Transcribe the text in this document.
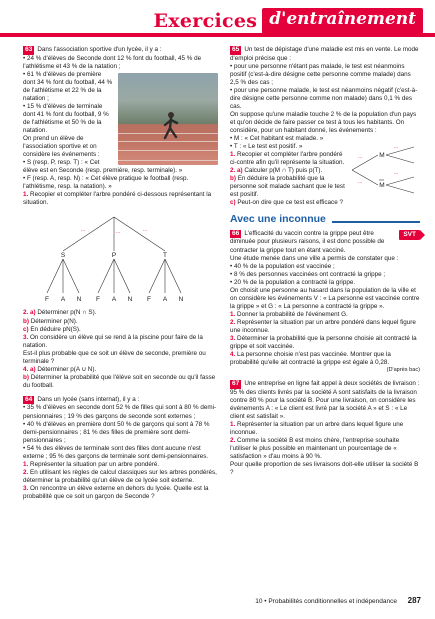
Exercices d'entraînement

63 Dans l'association sportive d'un lycée, il y a :

• 24 % d'élèves de Seconde dont 12 % font du football, 45 % de l'athlétisme et 43 % de la natation ;

• 61 % d'élèves de première dont 34 % font du football, 44 % de l'athlétisme et 22 % de la natation ;

• 15 % d'élèves de terminale dont 41 % font du football, 9 % de l'athlétisme et 50 % de la natation.

On prend un élève de l'association sportive et on considère les événements :

• S (resp. P, resp. T) : « Cet élève est en Seconde (resp. première, resp. terminale). »

• F (resp. A, resp. N) : « Cet élève pratique le football (resp. l'athlétisme, resp. la natation). »

1. Recopier et compléter l'arbre pondéré ci-dessous représentant la situation.

S	P	T
F A N F A N F A N
...	...	...

2. a) Déterminer p(N ∩ S).

b) Déterminer p(N).

c) En déduire pN(S).

3. On considère un élève qui se rend à la piscine pour faire de la natation.

Est-il plus probable que ce soit un élève de seconde, première ou terminale ?

4. a) Déterminer p(A ∪ N).

b) Déterminer la probabilité que l'élève soit en seconde ou qu'il fasse du football.

64 Dans un lycée (sans internat), il y a :

• 35 % d'élèves en seconde dont 52 % de filles qui sont à 80 % demi-pensionnaires ; 19 % des garçons de seconde sont externes ;

• 40 % d'élèves en première dont 50 % de garçons qui sont à 78 % demi-pensionnaires ; 81 % des filles de première sont demi-pensionnaires ;

• 54 % des élèves de terminale sont des filles dont aucune n'est externe ; 95 % des garçons de terminale sont demi-pensionnaires.

1. Représenter la situation par un arbre pondéré.

2. En utilisant les règles de calcul classiques sur les arbres pondérés, déterminer la probabilité qu'un élève de ce lycée soit externe.

3. On rencontre un élève externe en dehors du lycée. Quelle est la probabilité que ce soit un garçon de Seconde ?

65 Un test de dépistage d'une maladie est mis en vente. Le mode d'emploi précise que :

• pour une personne n'étant pas malade, le test est néanmoins positif (c'est-à-dire désigne cette personne comme malade) dans 2,5 % des cas ;

• pour une personne malade, le test est néanmoins négatif (c'est-à-dire désigne cette personne comme non malade) dans 0,1 % des cas.

On suppose qu'une maladie touche 2 % de la population d'un pays et qu'on décide de faire passer ce test à tous les habitants. On considère, pour un habitant donné, les événements :

• M : « Cet habitant est malade. »

M
M
...
...
...
...

• T : « Le test est positif. »

1. Recopier et compléter l'arbre pondéré ci-contre afin qu'il représente la situation.

2. a) Calculer p(M ∩ T) puis p(T).

b) En déduire la probabilité que la personne soit malade sachant que le test est positif.

c) Peut-on dire que ce test est efficace ?

Avec une inconnue
SVT

66 L'efficacité du vaccin contre la grippe peut être diminuée pour plusieurs raisons, il est donc possible de contracter la grippe tout en étant vacciné.

Une étude menée dans une ville a permis de constater que :

• 40 % de la population est vaccinée ;

• 8 % des personnes vaccinées ont contracté la grippe ;

• 20 % de la population a contracté la grippe.

On choisit une personne au hasard dans la population de la ville et on considère les événements V : « La personne est vaccinée contre la grippe » et G : « La personne a contracté la grippe ».

1. Donner la probabilité de l'événement G.

2. Représenter la situation par un arbre pondéré dans lequel figure une inconnue.

3. Déterminer la probabilité que la personne choisie ait contracté la grippe et soit vaccinée.

4. La personne choisie n'est pas vaccinée. Montrer que la probabilité qu'elle ait contracté la grippe est égale à 0,28.

(D'après bac)

67 Une entreprise en ligne fait appel à deux sociétés de livraison : 95 % des clients livrés par la société A sont satisfaits de la livraison contre 80 % pour la société B. Pour une livraison, on considère les événements A : « Le client est livré par la société A » et S : « Le client est satisfait ».

1. Représenter la situation par un arbre dans lequel figure une inconnue.

2. Comme la société B est moins chère, l'entreprise souhaite l'utiliser le plus possible en maintenant un pourcentage de « satisfaction » d'au moins à 90 %.

Pour quelle proportion de ses livraisons doit-elle utiliser la société B ?

10 • Probabilités conditionnelles et indépendance 287
